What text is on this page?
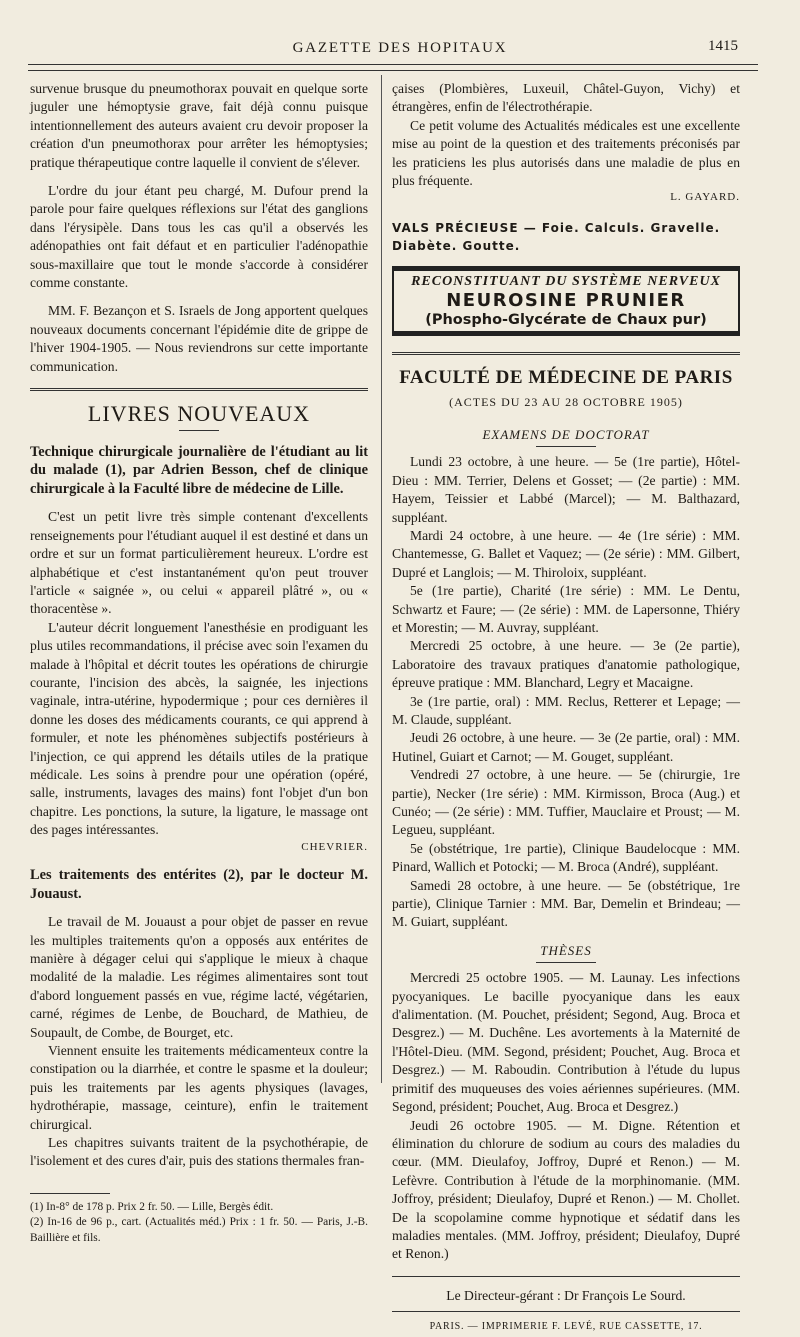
GAZETTE DES HOPITAUX	1415

survenue brusque du pneumothorax pouvait en quelque sorte juguler une hémoptysie grave, fait déjà connu puisque intentionnellement des auteurs avaient cru devoir proposer la création d'un pneumothorax pour arrêter les hémoptysies; pratique thérapeutique contre laquelle il convient de s'élever.

L'ordre du jour étant peu chargé, M. Dufour prend la parole pour faire quelques réflexions sur l'état des ganglions dans l'érysipèle. Dans tous les cas qu'il a observés les adénopathies ont fait défaut et en particulier l'adénopathie sous-maxillaire que tout le monde s'accorde à considérer comme constante.

MM. F. Bezançon et S. Israels de Jong apportent quelques nouveaux documents concernant l'épidémie dite de grippe de l'hiver 1904-1905. — Nous reviendrons sur cette importante communication.

LIVRES NOUVEAUX

Technique chirurgicale journalière de l'étudiant au lit du malade (1), par Adrien Besson, chef de clinique chirurgicale à la Faculté libre de médecine de Lille.

C'est un petit livre très simple contenant d'excellents renseignements pour l'étudiant auquel il est destiné et dans un ordre et sur un format particulièrement heureux. L'ordre est alphabétique et c'est instantanément qu'on peut trouver l'article « saignée », ou celui « appareil plâtré », ou « thoracentèse ».

L'auteur décrit longuement l'anesthésie en prodiguant les plus utiles recommandations, il précise avec soin l'examen du malade à l'hôpital et décrit toutes les opérations de chirurgie courante, l'incision des abcès, la saignée, les injections vaginale, intra-utérine, hypodermique ; pour ces dernières il donne les doses des médicaments courants, ce qui apprend à formuler, et note les phénomènes subjectifs postérieurs à l'injection, ce qui apprend les détails utiles de la pratique médicale. Les soins à prendre pour une opération (opéré, salle, instruments, lavages des mains) font l'objet d'un bon chapitre. Les ponctions, la suture, la ligature, le massage ont des pages intéressantes.

CHEVRIER.

Les traitements des entérites (2), par le docteur M. Jouaust.

Le travail de M. Jouaust a pour objet de passer en revue les multiples traitements qu'on a opposés aux entérites de manière à dégager celui qui s'applique le mieux à chaque modalité de la maladie. Les régimes alimentaires sont tout d'abord longuement passés en vue, régime lacté, végétarien, carné, régimes de Lenbe, de Bouchard, de Mathieu, de Soupault, de Combe, de Bourget, etc.

Viennent ensuite les traitements médicamenteux contre la constipation ou la diarrhée, et contre le spasme et la douleur; puis les traitements par les agents physiques (lavages, hydrothérapie, massage, ceinture), enfin le traitement chirurgical.

Les chapitres suivants traitent de la psychothérapie, de l'isolement et des cures d'air, puis des stations thermales fran-

(1) In-8° de 178 p. Prix 2 fr. 50. — Lille, Bergès édit.

(2) In-16 de 96 p., cart. (Actualités méd.) Prix : 1 fr. 50. — Paris, J.-B. Baillière et fils.

çaises (Plombières, Luxeuil, Châtel-Guyon, Vichy) et étrangères, enfin de l'électrothérapie.

Ce petit volume des Actualités médicales est une excellente mise au point de la question et des traitements préconisés par les praticiens les plus autorisés dans une maladie de plus en plus fréquente.

L. GAYARD.
VALS PRÉCIEUSE — Foie. Calculs. Gravelle. Diabète. Goutte.
RECONSTITUANT DU SYSTÈME NERVEUX
NEUROSINE PRUNIER
(Phospho-Glycérate de Chaux pur)
FACULTÉ DE MÉDECINE DE PARIS
(ACTES DU 23 AU 28 OCTOBRE 1905)
EXAMENS DE DOCTORAT

Lundi 23 octobre, à une heure. — 5e (1re partie), Hôtel-Dieu : MM. Terrier, Delens et Gosset; — (2e partie) : MM. Hayem, Teissier et Labbé (Marcel); — M. Balthazard, suppléant.

Mardi 24 octobre, à une heure. — 4e (1re série) : MM. Chantemesse, G. Ballet et Vaquez; — (2e série) : MM. Gilbert, Dupré et Langlois; — M. Thiroloix, suppléant.

5e (1re partie), Charité (1re série) : MM. Le Dentu, Schwartz et Faure; — (2e série) : MM. de Lapersonne, Thiéry et Morestin; — M. Auvray, suppléant.

Mercredi 25 octobre, à une heure. — 3e (2e partie), Laboratoire des travaux pratiques d'anatomie pathologique, épreuve pratique : MM. Blanchard, Legry et Macaigne.

3e (1re partie, oral) : MM. Reclus, Retterer et Lepage; — M. Claude, suppléant.

Jeudi 26 octobre, à une heure. — 3e (2e partie, oral) : MM. Hutinel, Guiart et Carnot; — M. Gouget, suppléant.

Vendredi 27 octobre, à une heure. — 5e (chirurgie, 1re partie), Necker (1re série) : MM. Kirmisson, Broca (Aug.) et Cunéo; — (2e série) : MM. Tuffier, Mauclaire et Proust; — M. Legueu, suppléant.

5e (obstétrique, 1re partie), Clinique Baudelocque : MM. Pinard, Wallich et Potocki; — M. Broca (André), suppléant.

Samedi 28 octobre, à une heure. — 5e (obstétrique, 1re partie), Clinique Tarnier : MM. Bar, Demelin et Brindeau; — M. Guiart, suppléant.

THÈSES

Mercredi 25 octobre 1905. — M. Launay. Les infections pyocyaniques. Le bacille pyocyanique dans les eaux d'alimentation. (M. Pouchet, président; Segond, Aug. Broca et Desgrez.) — M. Duchêne. Les avortements à la Maternité de l'Hôtel-Dieu. (MM. Segond, président; Pouchet, Aug. Broca et Desgrez.) — M. Raboudin. Contribution à l'étude du lupus primitif des muqueuses des voies aériennes supérieures. (MM. Segond, président; Pouchet, Aug. Broca et Desgrez.)

Jeudi 26 octobre 1905. — M. Digne. Rétention et élimination du chlorure de sodium au cours des maladies du cœur. (MM. Dieulafoy, Joffroy, Dupré et Renon.) — M. Lefèvre. Contribution à l'étude de la morphinomanie. (MM. Joffroy, président; Dieulafoy, Dupré et Renon.) — M. Chollet. De la scopolamine comme hypnotique et sédatif dans les maladies mentales. (MM. Joffroy, président; Dieulafoy, Dupré et Renon.)

Le Directeur-gérant : Dr François Le Sourd.
PARIS. — IMPRIMERIE F. LEVÉ, RUE CASSETTE, 17.
